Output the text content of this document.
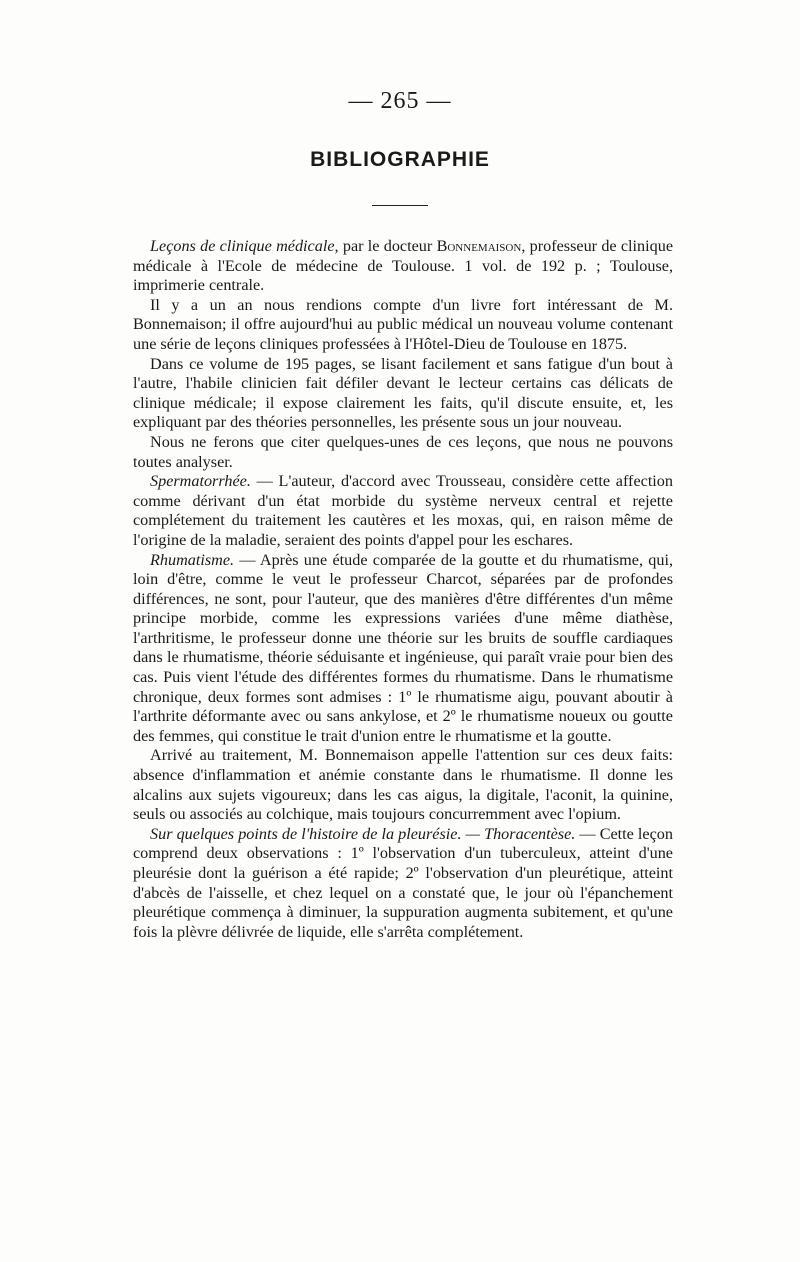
— 265 —
BIBLIOGRAPHIE

Leçons de clinique médicale, par le docteur Bonnemaison, professeur de clinique médicale à l'Ecole de médecine de Toulouse. 1 vol. de 192 p. ; Toulouse, imprimerie centrale.

Il y a un an nous rendions compte d'un livre fort intéressant de M. Bonnemaison; il offre aujourd'hui au public médical un nouveau volume contenant une série de leçons cliniques professées à l'Hôtel-Dieu de Toulouse en 1875.

Dans ce volume de 195 pages, se lisant facilement et sans fatigue d'un bout à l'autre, l'habile clinicien fait défiler devant le lecteur certains cas délicats de clinique médicale; il expose clairement les faits, qu'il discute ensuite, et, les expliquant par des théories personnelles, les présente sous un jour nouveau.

Nous ne ferons que citer quelques-unes de ces leçons, que nous ne pouvons toutes analyser.

Spermatorrhée. — L'auteur, d'accord avec Trousseau, considère cette affection comme dérivant d'un état morbide du système nerveux central et rejette complétement du traitement les cautères et les moxas, qui, en raison même de l'origine de la maladie, seraient des points d'appel pour les eschares.

Rhumatisme. — Après une étude comparée de la goutte et du rhumatisme, qui, loin d'être, comme le veut le professeur Charcot, séparées par de profondes différences, ne sont, pour l'auteur, que des manières d'être différentes d'un même principe morbide, comme les expressions variées d'une même diathèse, l'arthritisme, le professeur donne une théorie sur les bruits de souffle cardiaques dans le rhumatisme, théorie séduisante et ingénieuse, qui paraît vraie pour bien des cas. Puis vient l'étude des différentes formes du rhumatisme. Dans le rhumatisme chronique, deux formes sont admises : 1º le rhumatisme aigu, pouvant aboutir à l'arthrite déformante avec ou sans ankylose, et 2º le rhumatisme noueux ou goutte des femmes, qui constitue le trait d'union entre le rhumatisme et la goutte.

Arrivé au traitement, M. Bonnemaison appelle l'attention sur ces deux faits: absence d'inflammation et anémie constante dans le rhumatisme. Il donne les alcalins aux sujets vigoureux; dans les cas aigus, la digitale, l'aconit, la quinine, seuls ou associés au colchique, mais toujours concurremment avec l'opium.

Sur quelques points de l'histoire de la pleurésie. — Thoracentèse. — Cette leçon comprend deux observations : 1º l'observation d'un tuberculeux, atteint d'une pleurésie dont la guérison a été rapide; 2º l'observation d'un pleurétique, atteint d'abcès de l'aisselle, et chez lequel on a constaté que, le jour où l'épanchement pleurétique commença à diminuer, la suppuration augmenta subitement, et qu'une fois la plèvre délivrée de liquide, elle s'arrêta complétement.
